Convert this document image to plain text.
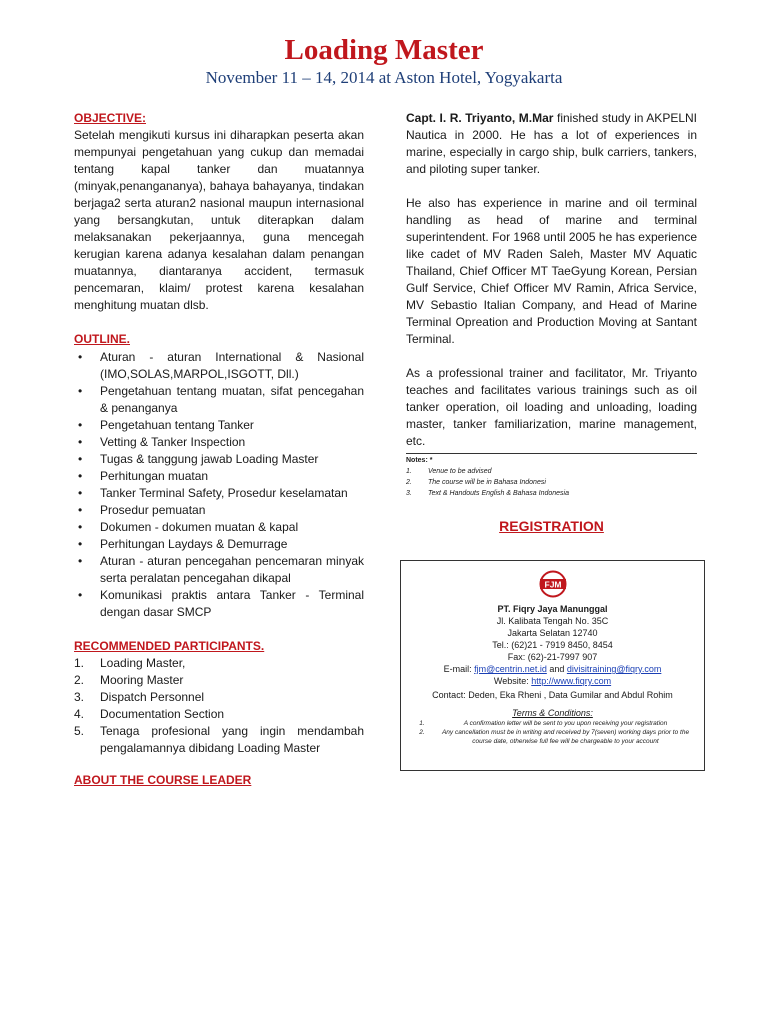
Loading Master
November 11 – 14, 2014 at Aston Hotel, Yogyakarta
OBJECTIVE:
Setelah mengikuti kursus ini diharapkan peserta akan mempunyai pengetahuan yang cukup dan memadai tentang kapal tanker dan muatannya (minyak,penangananya), bahaya bahayanya, tindakan berjaga2 serta aturan2 nasional maupun internasional yang bersangkutan, untuk diterapkan dalam melaksanakan pekerjaannya, guna mencegah kerugian karena adanya kesalahan dalam penangan muatannya, diantaranya accident, termasuk pencemaran, klaim/ protest karena kesalahan menghitung muatan dlsb.
OUTLINE.
• Aturan - aturan International & Nasional (IMO,SOLAS,MARPOL,ISGOTT, Dll.)
• Pengetahuan tentang muatan, sifat pencegahan & penanganya
• Pengetahuan tentang Tanker
• Vetting & Tanker Inspection
• Tugas & tanggung jawab Loading Master
• Perhitungan muatan
• Tanker Terminal Safety, Prosedur keselamatan
• Prosedur pemuatan
• Dokumen - dokumen muatan & kapal
• Perhitungan Laydays & Demurrage
• Aturan - aturan pencegahan pencemaran minyak serta peralatan pencegahan dikapal
• Komunikasi praktis antara Tanker - Terminal dengan dasar SMCP
RECOMMENDED PARTICIPANTS.
1. Loading Master,
2. Mooring Master
3. Dispatch Personnel
4. Documentation Section
5. Tenaga profesional yang ingin mendambah pengalamannya dibidang Loading Master
ABOUT THE COURSE LEADER
Capt. I. R. Triyanto, M.Mar finished study in AKPELNI Nautica in 2000. He has a lot of experiences in marine, especially in cargo ship, bulk carriers, tankers, and piloting super tanker.
He also has experience in marine and oil terminal handling as head of marine and terminal superintendent. For 1968 until 2005 he has experience like cadet of MV Raden Saleh, Master MV Aquatic Thailand, Chief Officer MT TaeGyung Korean, Persian Gulf Service, Chief Officer MV Ramin, Africa Service, MV Sebastio Italian Company, and Head of Marine Terminal Opreation and Production Moving at Santant Terminal.
As a professional trainer and facilitator, Mr. Triyanto teaches and facilitates various trainings such as oil tanker operation, oil loading and unloading, loading master, tanker familiarization, marine management, etc.
Notes: *
1.	Venue to be advised
2.	The course will be in Bahasa Indonesi
3.	Text & Handouts English & Bahasa Indonesia
REGISTRATION
FJM
PT. Fiqry Jaya Manunggal
Jl. Kalibata Tengah No. 35C
Jakarta Selatan 12740
Tel.: (62)21 - 7919 8450, 8454
Fax: (62)-21-7997 907
E-mail: fjm@centrin.net.id and divisitraining@fiqry.com
Website: http://www.fiqry.com
Contact: Deden, Eka Rheni , Data Gumilar and Abdul Rohim
Terms & Conditions:
1.	A confirmation letter will be sent to you upon receiving your registration
2.	Any cancellation must be in writing and received by 7(seven) working days prior to the course date, otherwise full fee will be chargeable to your account
